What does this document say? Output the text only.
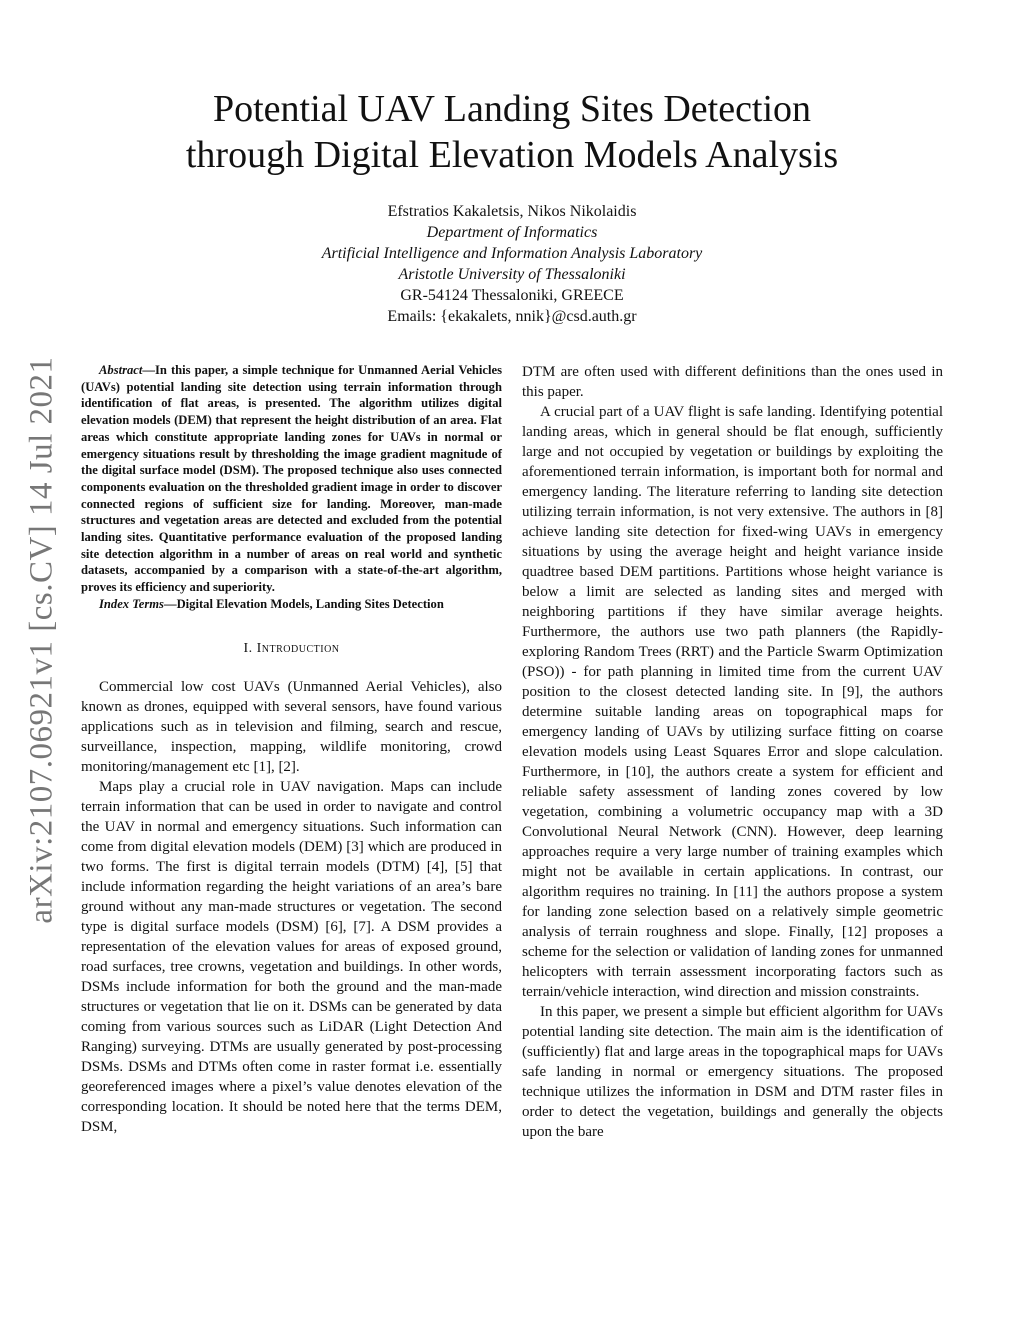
arXiv:2107.06921v1 [cs.CV] 14 Jul 2021
Potential UAV Landing Sites Detection
through Digital Elevation Models Analysis
Efstratios Kakaletsis, Nikos Nikolaidis
Department of Informatics
Artificial Intelligence and Information Analysis Laboratory
Aristotle University of Thessaloniki
GR-54124 Thessaloniki, GREECE
Emails: {ekakalets, nnik}@csd.auth.gr

Abstract—In this paper, a simple technique for Unmanned Aerial Vehicles (UAVs) potential landing site detection using terrain information through identification of flat areas, is presented. The algorithm utilizes digital elevation models (DEM) that represent the height distribution of an area. Flat areas which constitute appropriate landing zones for UAVs in normal or emergency situations result by thresholding the image gradient magnitude of the digital surface model (DSM). The proposed technique also uses connected components evaluation on the thresholded gradient image in order to discover connected regions of sufficient size for landing. Moreover, man-made structures and vegetation areas are detected and excluded from the potential landing sites. Quantitative performance evaluation of the proposed landing site detection algorithm in a number of areas on real world and synthetic datasets, accompanied by a comparison with a state-of-the-art algorithm, proves its efficiency and superiority.

Index Terms—Digital Elevation Models, Landing Sites Detection

I. Introduction

Commercial low cost UAVs (Unmanned Aerial Vehicles), also known as drones, equipped with several sensors, have found various applications such as in television and filming, search and rescue, surveillance, inspection, mapping, wildlife monitoring, crowd monitoring/management etc [1], [2].

Maps play a crucial role in UAV navigation. Maps can include terrain information that can be used in order to navigate and control the UAV in normal and emergency situations. Such information can come from digital elevation models (DEM) [3] which are produced in two forms. The first is digital terrain models (DTM) [4], [5] that include information regarding the height variations of an area’s bare ground without any man-made structures or vegetation. The second type is digital surface models (DSM) [6], [7]. A DSM provides a representation of the elevation values for areas of exposed ground, road surfaces, tree crowns, vegetation and buildings. In other words, DSMs include information for both the ground and the man-made structures or vegetation that lie on it. DSMs can be generated by data coming from various sources such as LiDAR (Light Detection And Ranging) surveying. DTMs are usually generated by post-processing DSMs. DSMs and DTMs often come in raster format i.e. essentially georeferenced images where a pixel’s value denotes elevation of the corresponding location. It should be noted here that the terms DEM, DSM,

DTM are often used with different definitions than the ones used in this paper.

A crucial part of a UAV flight is safe landing. Identifying potential landing areas, which in general should be flat enough, sufficiently large and not occupied by vegetation or buildings by exploiting the aforementioned terrain information, is important both for normal and emergency landing. The literature referring to landing site detection utilizing terrain information, is not very extensive. The authors in [8] achieve landing site detection for fixed-wing UAVs in emergency situations by using the average height and height variance inside quadtree based DEM partitions. Partitions whose height variance is below a limit are selected as landing sites and merged with neighboring partitions if they have similar average heights. Furthermore, the authors use two path planners (the Rapidly-exploring Random Trees (RRT) and the Particle Swarm Optimization (PSO)) - for path planning in limited time from the current UAV position to the closest detected landing site. In [9], the authors determine suitable landing areas on topographical maps for emergency landing of UAVs by utilizing surface fitting on coarse elevation models using Least Squares Error and slope calculation. Furthermore, in [10], the authors create a system for efficient and reliable safety assessment of landing zones covered by low vegetation, combining a volumetric occupancy map with a 3D Convolutional Neural Network (CNN). However, deep learning approaches require a very large number of training examples which might not be available in certain applications. In contrast, our algorithm requires no training. In [11] the authors propose a system for landing zone selection based on a relatively simple geometric analysis of terrain roughness and slope. Finally, [12] proposes a scheme for the selection or validation of landing zones for unmanned helicopters with terrain assessment incorporating factors such as terrain/vehicle interaction, wind direction and mission constraints.

In this paper, we present a simple but efficient algorithm for UAVs potential landing site detection. The main aim is the identification of (sufficiently) flat and large areas in the topographical maps for UAVs safe landing in normal or emergency situations. The proposed technique utilizes the information in DSM and DTM raster files in order to detect the vegetation, buildings and generally the objects upon the bare
